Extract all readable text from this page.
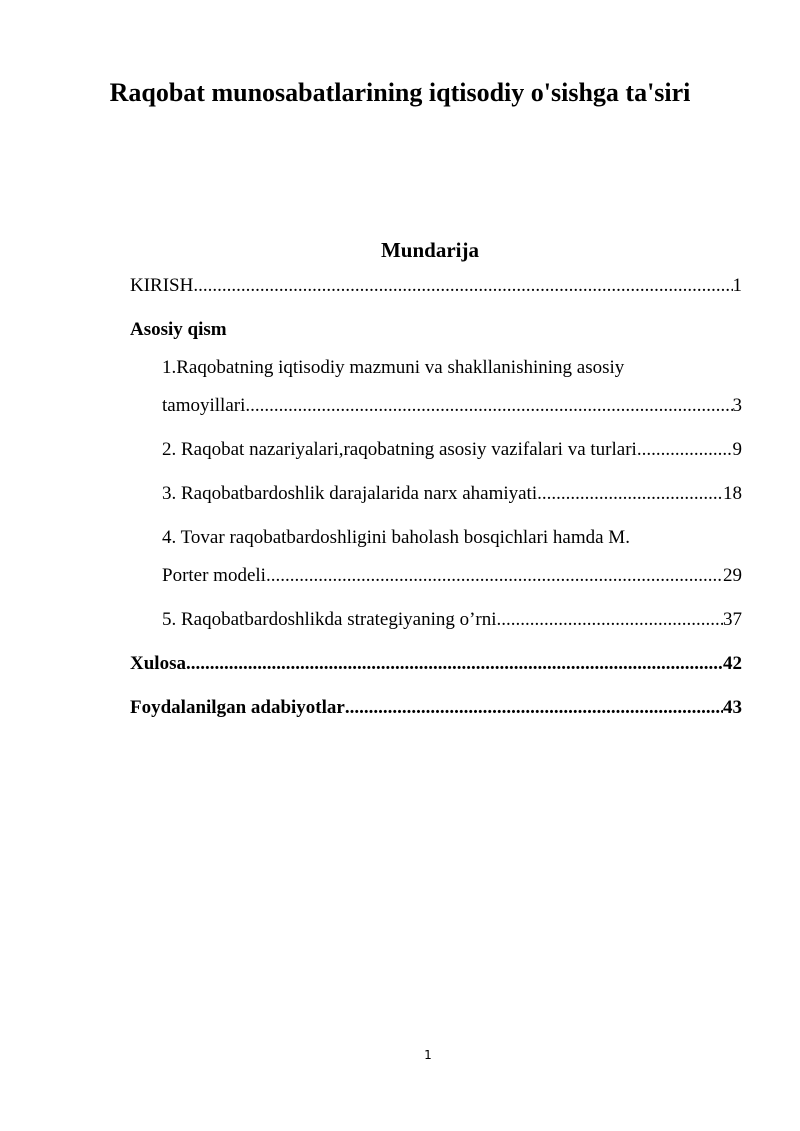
Raqobat munosabatlarining iqtisodiy o'sishga ta'siri
Mundarija
KIRISH .....	1
Asosiy qism
1.Raqobatning iqtisodiy mazmuni va shakllanishining asosiy
tamoyillari .....	3
2. Raqobat nazariyalari,raqobatning asosiy vazifalari va turlari .....	9
3. Raqobatbardoshlik darajalarida narx ahamiyati .....	18
4. Tovar raqobatbardoshligini baholash bosqichlari hamda M.
Porter modeli .....	29
5. Raqobatbardoshlikda strategiyaning o’rni .....	37
Xulosa .....	42
Foydalanilgan adabiyotlar .....	43
1
